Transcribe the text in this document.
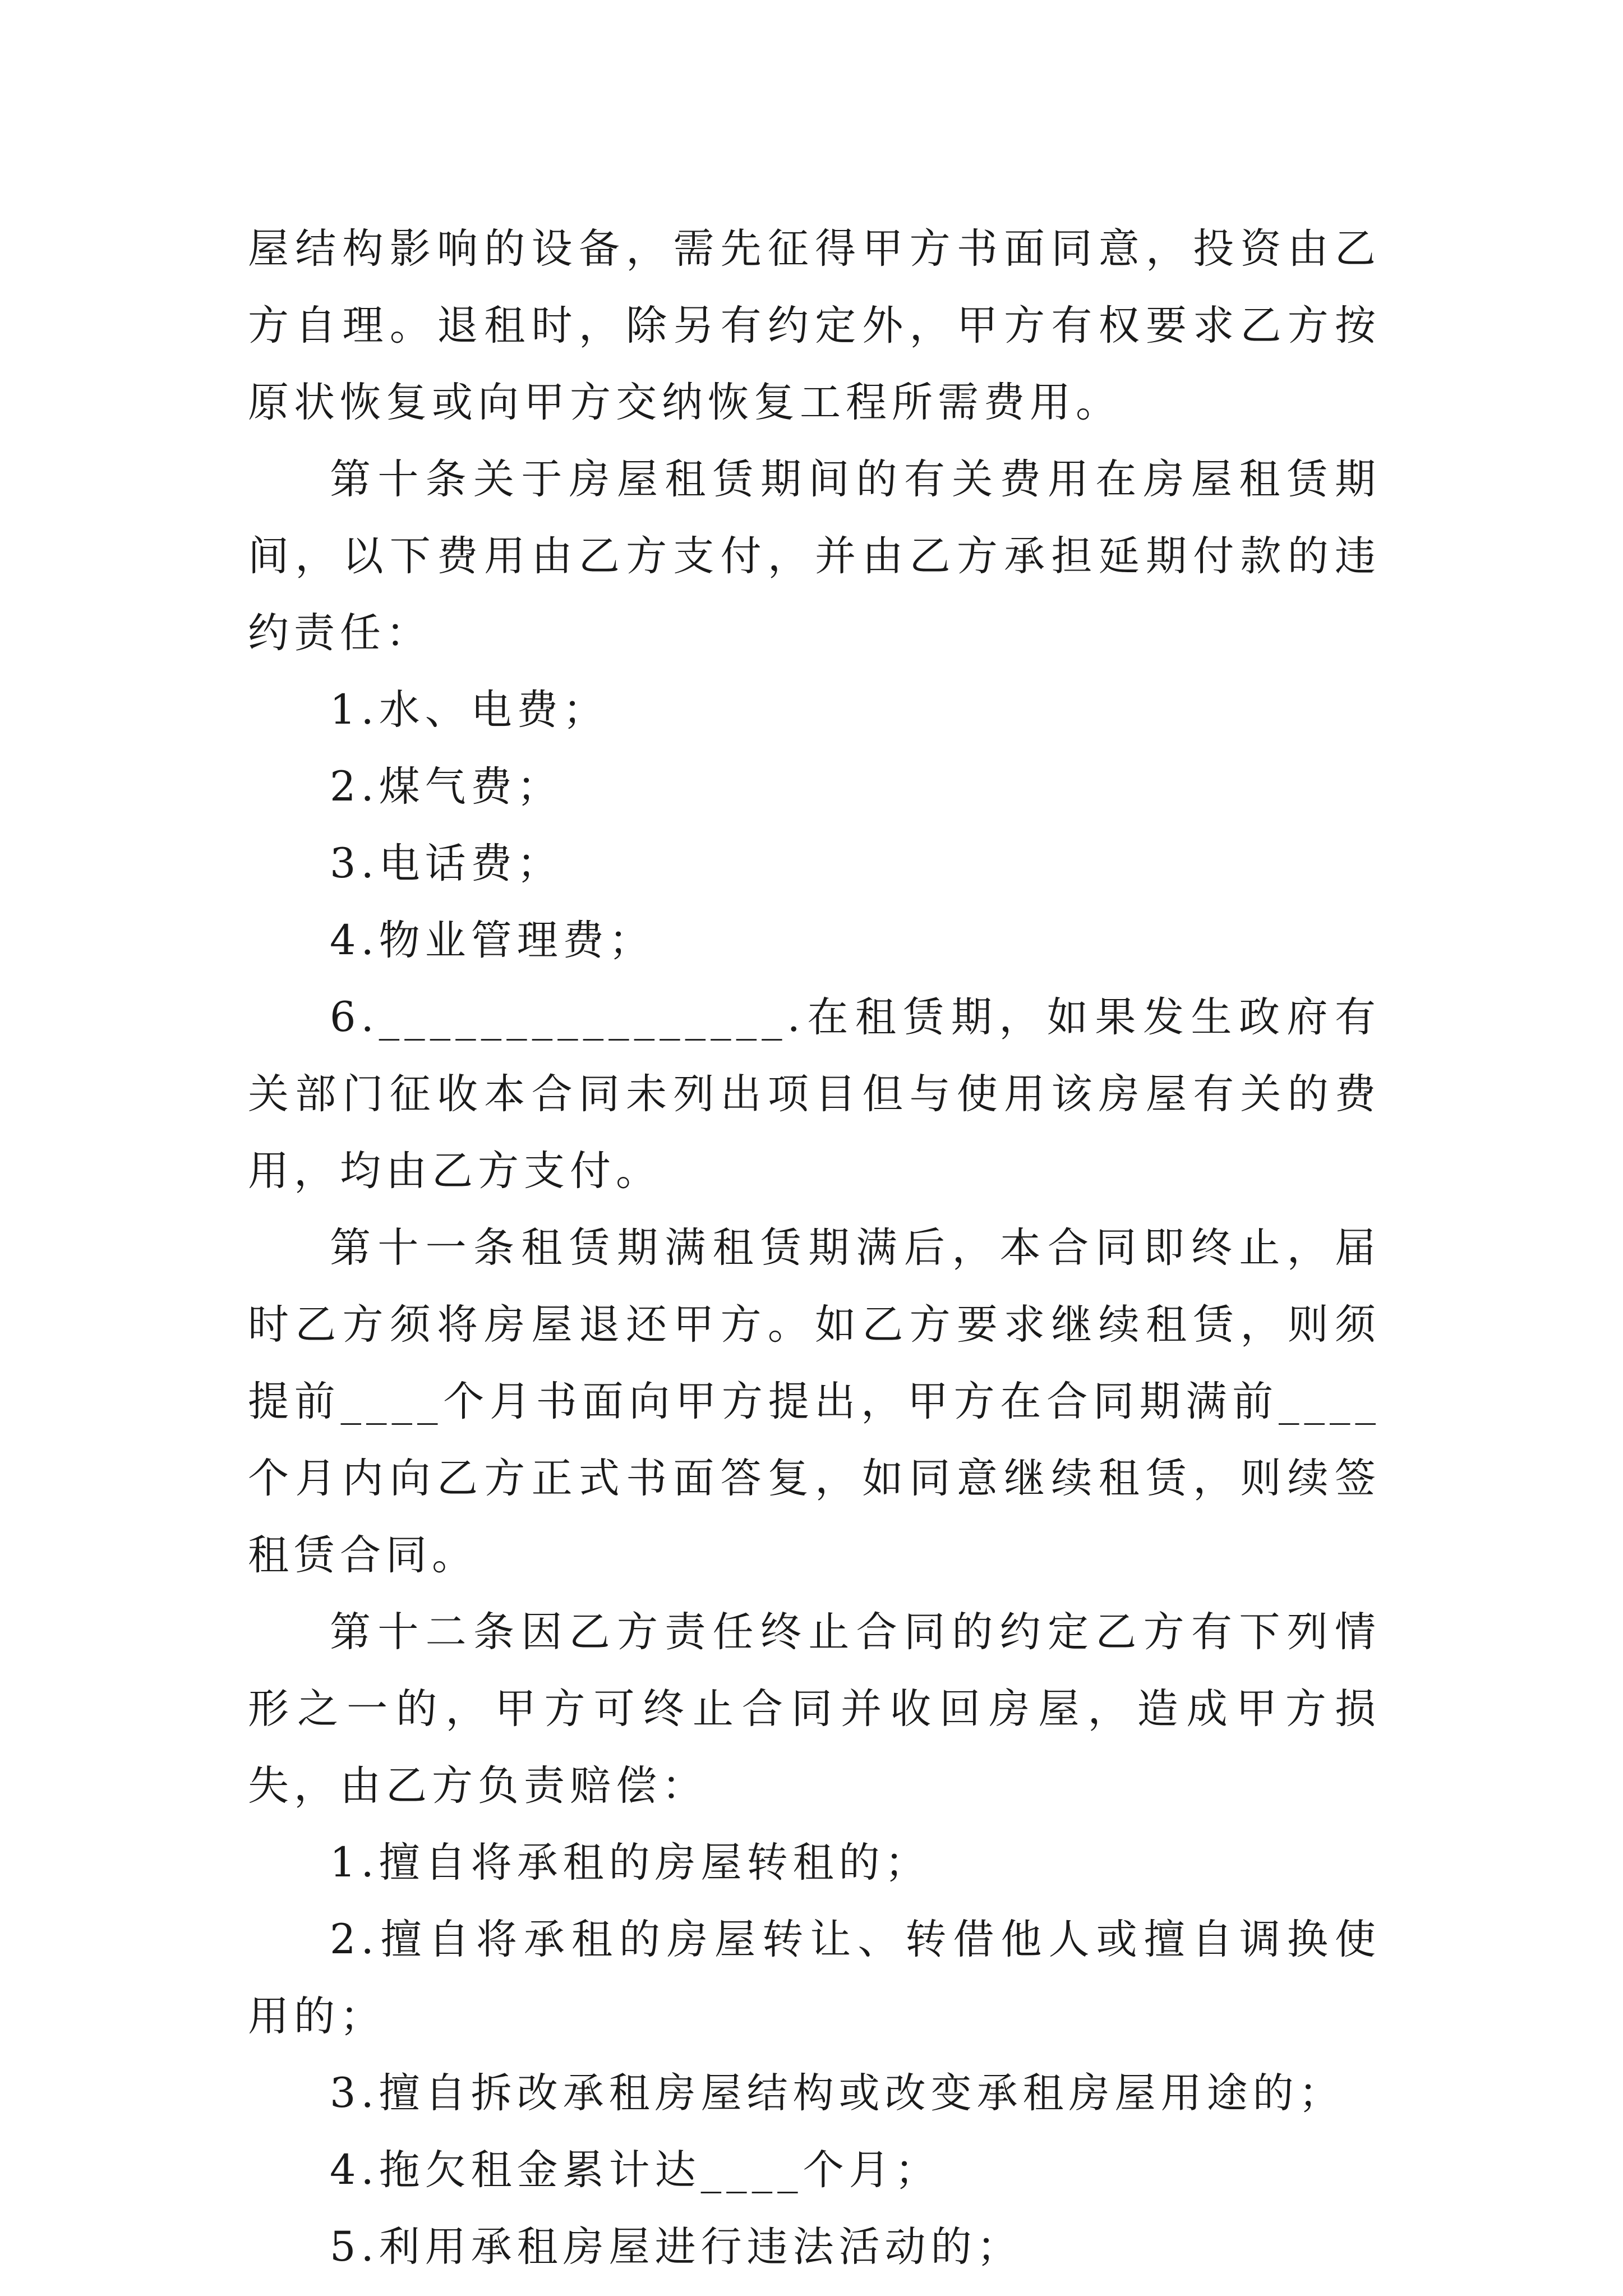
屋结构影响的设备，需先征得甲方书面同意，投资由乙方自理。退租时，除另有约定外，甲方有权要求乙方按原状恢复或向甲方交纳恢复工程所需费用。

第十条关于房屋租赁期间的有关费用在房屋租赁期间，以下费用由乙方支付，并由乙方承担延期付款的违约责任：

1.水、电费；

2.煤气费；

3.电话费；

4.物业管理费；

6.________________.在租赁期，如果发生政府有关部门征收本合同未列出项目但与使用该房屋有关的费用，均由乙方支付。

第十一条租赁期满租赁期满后，本合同即终止，届时乙方须将房屋退还甲方。如乙方要求继续租赁，则须提前____个月书面向甲方提出，甲方在合同期满前____个月内向乙方正式书面答复，如同意继续租赁，则续签租赁合同。

第十二条因乙方责任终止合同的约定乙方有下列情形之一的，甲方可终止合同并收回房屋，造成甲方损失，由乙方负责赔偿：

1.擅自将承租的房屋转租的；

2.擅自将承租的房屋转让、转借他人或擅自调换使用的；

3.擅自拆改承租房屋结构或改变承租房屋用途的；

4.拖欠租金累计达____个月；

5.利用承租房屋进行违法活动的；
